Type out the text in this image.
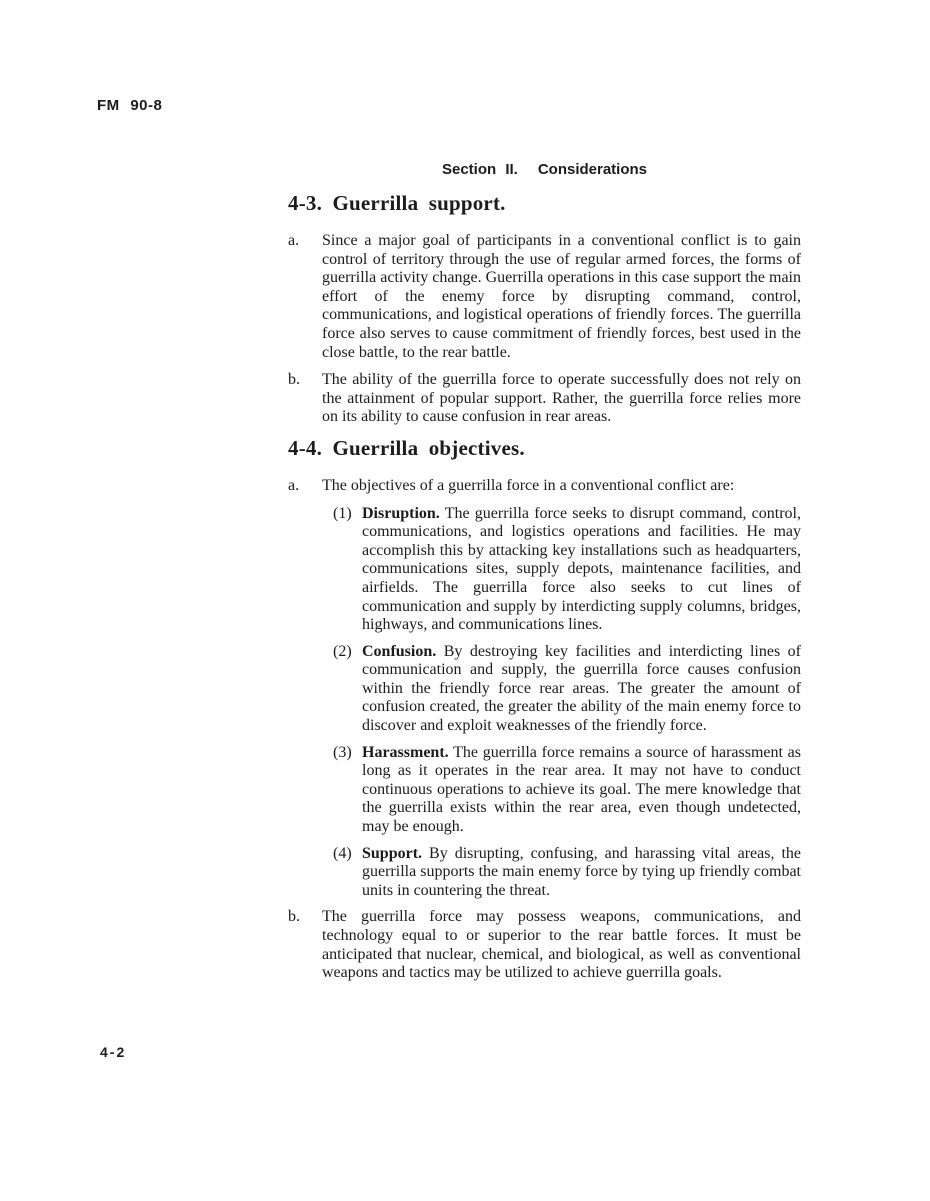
FM 90-8
Section II. Considerations
4-3. Guerrilla support.
a.	Since a major goal of participants in a conventional conflict is to gain control of territory through the use of regular armed forces, the forms of guerrilla activity change. Guerrilla operations in this case support the main effort of the enemy force by disrupting command, control, communications, and logistical operations of friendly forces. The guerrilla force also serves to cause commitment of friendly forces, best used in the close battle, to the rear battle.
b.	The ability of the guerrilla force to operate successfully does not rely on the attainment of popular support. Rather, the guerrilla force relies more on its ability to cause confusion in rear areas.
4-4. Guerrilla objectives.
a.	The objectives of a guerrilla force in a conventional conflict are:
(1) Disruption. The guerrilla force seeks to disrupt command, control, communications, and logistics operations and facilities. He may accomplish this by attacking key installations such as headquarters, communications sites, supply depots, maintenance facilities, and airfields. The guerrilla force also seeks to cut lines of communication and supply by interdicting supply columns, bridges, highways, and communications lines.
(2) Confusion. By destroying key facilities and interdicting lines of communication and supply, the guerrilla force causes confusion within the friendly force rear areas. The greater the amount of confusion created, the greater the ability of the main enemy force to discover and exploit weaknesses of the friendly force.
(3) Harassment. The guerrilla force remains a source of harassment as long as it operates in the rear area. It may not have to conduct continuous operations to achieve its goal. The mere knowledge that the guerrilla exists within the rear area, even though undetected, may be enough.
(4) Support. By disrupting, confusing, and harassing vital areas, the guerrilla supports the main enemy force by tying up friendly combat units in countering the threat.
b.	The guerrilla force may possess weapons, communications, and technology equal to or superior to the rear battle forces. It must be anticipated that nuclear, chemical, and biological, as well as conventional weapons and tactics may be utilized to achieve guerrilla goals.
4-2
